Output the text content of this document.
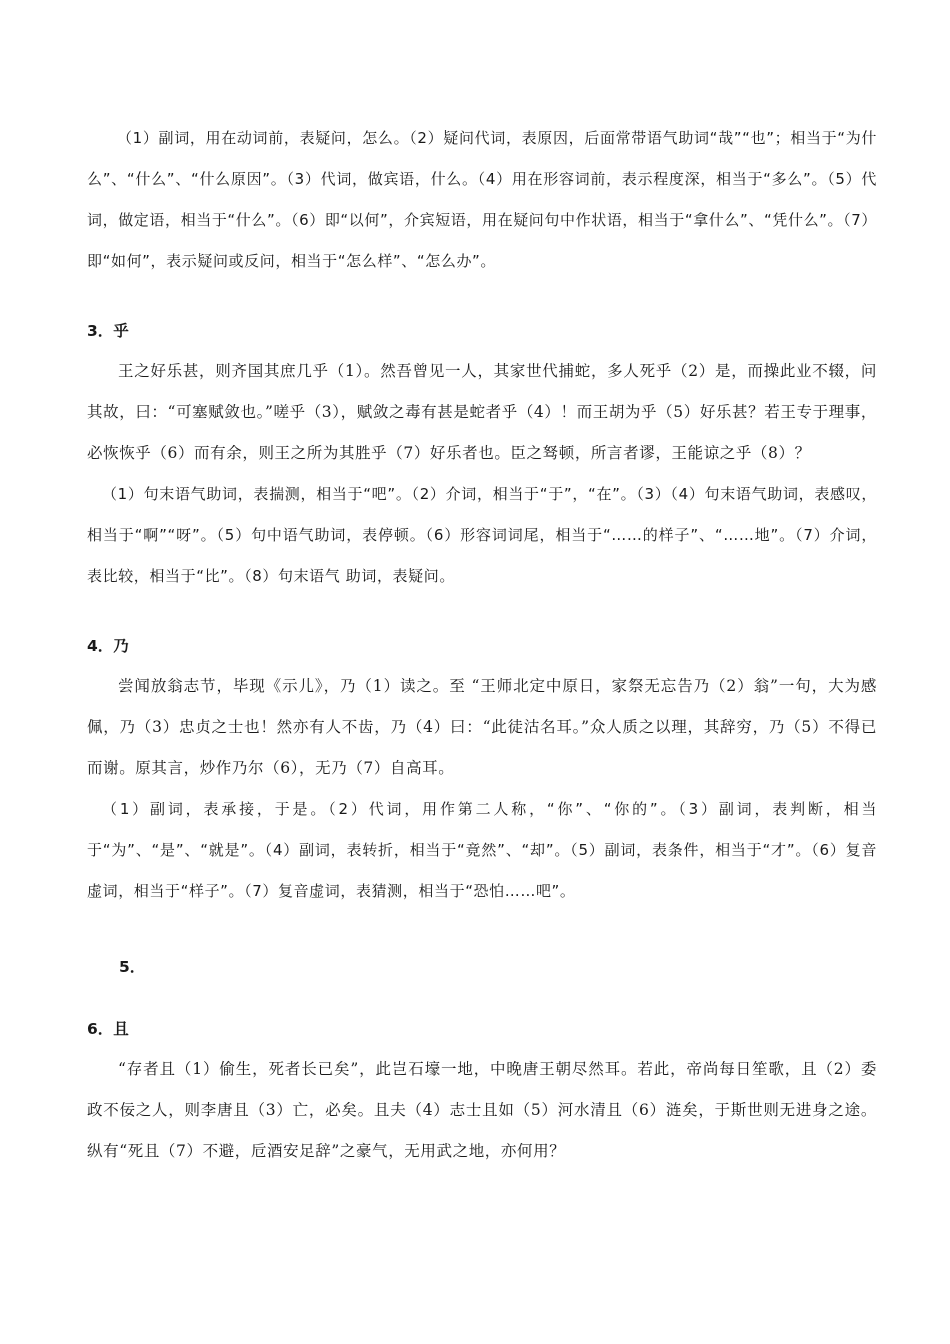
（1）副词，用在动词前，表疑问，怎么。（2）疑问代词，表原因，后面常带语气助词“哉”“也”；相当于“为什么”、“什么”、“什么原因”。（3）代词，做宾语，什么。（4）用在形容词前，表示程度深，相当于“多么”。（5）代词，做定语，相当于“什么”。（6）即“以何”，介宾短语，用在疑问句中作状语，相当于“拿什么”、“凭什么”。（7）即“如何”，表示疑问或反问，相当于“怎么样”、“怎么办”。

3．乎

王之好乐甚，则齐国其庶几乎（1）。然吾曾见一人，其家世代捕蛇，多人死乎（2）是，而操此业不辍，问其故，曰：“可塞赋敛也。”嗟乎（3），赋敛之毒有甚是蛇者乎（4）！而王胡为乎（5）好乐甚？若王专于理事，必恢恢乎（6）而有余，则王之所为其胜乎（7）好乐者也。臣之驽顿，所言者谬，王能谅之乎（8）？

（1）句末语气助词，表揣测，相当于“吧”。（2）介词，相当于“于”，“在”。（3）（4）句末语气助词，表感叹，相当于“啊”“呀”。（5）句中语气助词，表停顿。（6）形容词词尾，相当于“……的样子”、“……地”。（7）介词，表比较，相当于“比”。（8）句末语气 助词，表疑问。

4．乃

尝闻放翁志节，毕现《示儿》，乃（1）读之。至 “王师北定中原日，家祭无忘告乃（2）翁”一句，大为感佩，乃（3）忠贞之士也！然亦有人不齿，乃（4）曰：“此徒沽名耳。”众人质之以理，其辞穷，乃（5）不得已而谢。原其言，炒作乃尔（6），无乃（7）自高耳。

（1）副词，表承接，于是。（2）代词，用作第二人称，“你”、“你的”。（3）副词，表判断，相当于“为”、“是”、“就是”。（4）副词，表转折，相当于“竟然”、“却”。（5）副词，表条件，相当于“才”。（6）复音虚词，相当于“样子”。（7）复音虚词，表猜测，相当于“恐怕……吧”。

5．
6．且

“存者且（1）偷生，死者长已矣”，此岂石壕一地，中晚唐王朝尽然耳。若此，帝尚每日笙歌，且（2）委政不佞之人，则李唐且（3）亡，必矣。且夫（4）志士且如（5）河水清且（6）涟矣，于斯世则无进身之途。纵有“死且（7）不避，卮酒安足辞”之豪气，无用武之地，亦何用？
